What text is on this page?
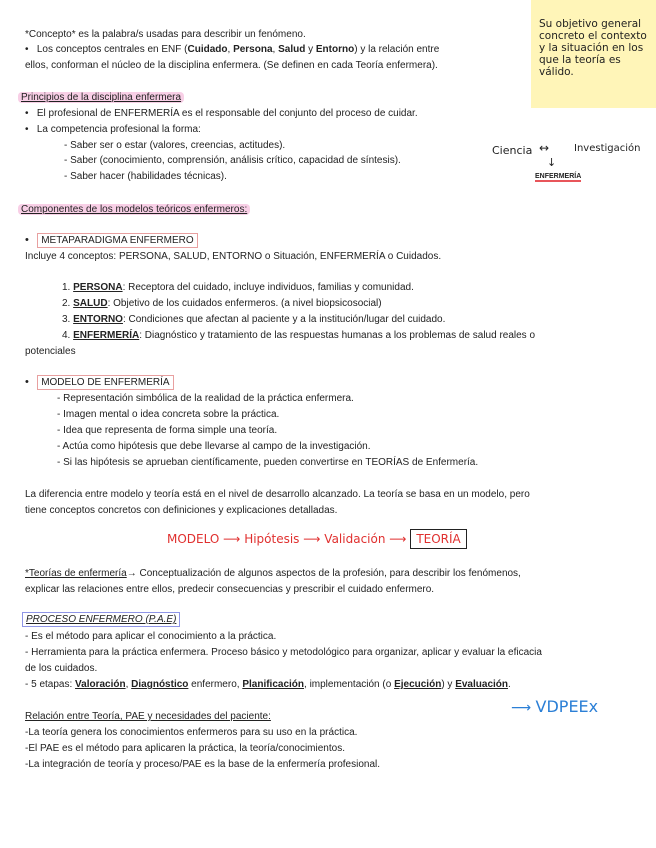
Su objetivo general concreto el contexto y la situación en los que la teoría es válido.
*Concepto* es la palabra/s usadas para describir un fenómeno.
• Los conceptos centrales en ENF (Cuidado, Persona, Salud y Entorno) y la relación entre
ellos, conforman el núcleo de la disciplina enfermera. (Se definen en cada Teoría enfermera).
Principios de la disciplina enfermera
•   El profesional de ENFERMERÍA es el responsable del conjunto del proceso de cuidar.
•   La competencia profesional la forma:
- Saber ser o estar (valores, creencias, actitudes).
- Saber (conocimiento, comprensión, análisis crítico, capacidad de síntesis).
- Saber hacer (habilidades técnicas).
Ciencia ↔ Investigación
↓
ENFERMERÍA
Componentes de los modelos teóricos enfermeros:
• METAPARADIGMA ENFERMERO
Incluye 4 conceptos: PERSONA, SALUD, ENTORNO o Situación, ENFERMERÍA o Cuidados.
1. PERSONA: Receptora del cuidado, incluye individuos, familias y comunidad.
2. SALUD: Objetivo de los cuidados enfermeros. (a nivel biopsicosocial)
3. ENTORNO: Condiciones que afectan al paciente y a la institución/lugar del cuidado.
4. ENFERMERÍA: Diagnóstico y tratamiento de las respuestas humanas a los problemas de salud reales o
potenciales
• MODELO DE ENFERMERÍA
- Representación simbólica de la realidad de la práctica enfermera.
- Imagen mental o idea concreta sobre la práctica.
- Idea que representa de forma simple una teoría.
- Actúa como hipótesis que debe llevarse al campo de la investigación.
- Si las hipótesis se aprueban científicamente, pueden convertirse en TEORÍAS de Enfermería.
La diferencia entre modelo y teoría está en el nivel de desarrollo alcanzado. La teoría se basa en un modelo, pero
tiene conceptos concretos con definiciones y explicaciones detalladas.
MODELO ⟶ Hipótesis ⟶ Validación ⟶ TEORÍA
*Teorías de enfermería→ Conceptualización de algunos aspectos de la profesión, para describir los fenómenos,
explicar las relaciones entre ellos, predecir consecuencias y prescribir el cuidado enfermero.
PROCESO ENFERMERO (P.A.E)
- Es el método para aplicar el conocimiento a la práctica.
- Herramienta para la práctica enfermera. Proceso básico y metodológico para organizar, aplicar y evaluar la eficacia
de los cuidados.
- 5 etapas: Valoración, Diagnóstico enfermero, Planificación, implementación (o Ejecución) y Evaluación.
⟶ VDPEEx
Relación entre Teoría, PAE y necesidades del paciente:
-La teoría genera los conocimientos enfermeros para su uso en la práctica.
-El PAE es el método para aplicaren la práctica, la teoría/conocimientos.
-La integración de teoría y proceso/PAE es la base de la enfermería profesional.
